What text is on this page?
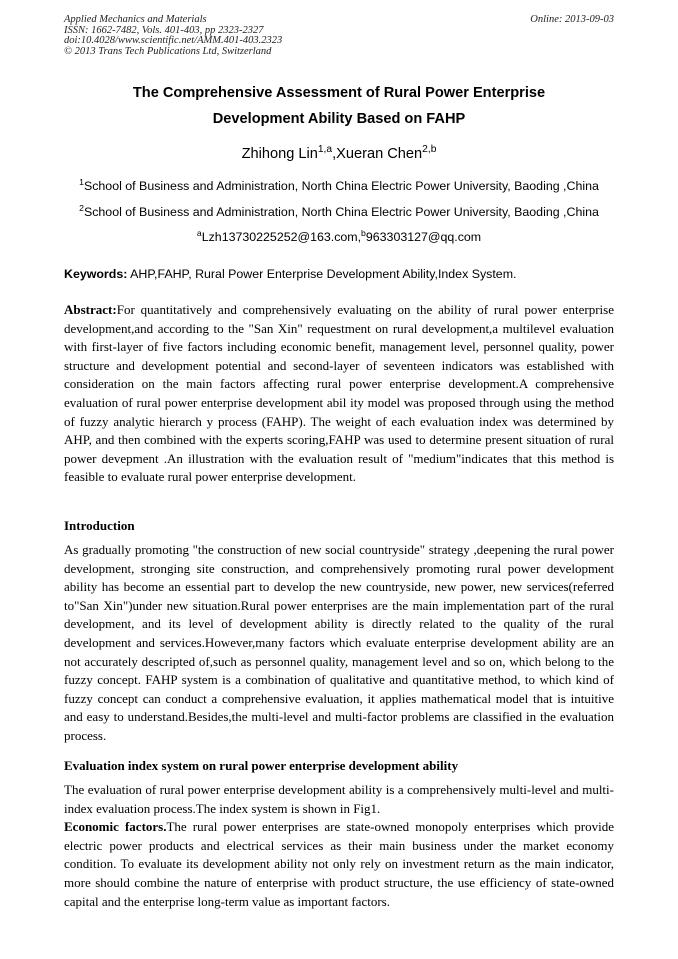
Applied Mechanics and Materials
ISSN: 1662-7482, Vols. 401-403, pp 2323-2327
doi:10.4028/www.scientific.net/AMM.401-403.2323
© 2013 Trans Tech Publications Ltd, Switzerland
Online: 2013-09-03
The Comprehensive Assessment of Rural Power Enterprise
Development Ability Based on FAHP
Zhihong Lin$^{1,a}$,Xueran Chen$^{2,b}$
$^1$School of Business and Administration, North China Electric Power University, Baoding ,China
$^2$School of Business and Administration, North China Electric Power University, Baoding ,China
$^a$Lzh13730225252@163.com,$^b$963303127@qq.com
Keywords: AHP,FAHP, Rural Power Enterprise Development Ability,Index System.
Abstract:For quantitatively and comprehensively evaluating on the ability of rural power enterprise development,and according to the "San Xin" requestment on rural development,a multilevel evaluation with first-layer of five factors including economic benefit, management level, personnel quality, power structure and development potential and second-layer of seventeen indicators was established with consideration on the main factors affecting rural power enterprise development.A comprehensive evaluation of rural power enterprise development abil ity model was proposed through using the method of fuzzy analytic hierarch y process (FAHP). The weight of each evaluation index was determined by AHP, and then combined with the experts scoring,FAHP was used to determine present situation of rural power devepment .An illustration with the evaluation result of "medium"indicates that this method is feasible to evaluate rural power enterprise development.
Introduction
As gradually promoting "the construction of new social countryside" strategy ,deepening the rural power development, stronging site construction, and comprehensively promoting rural power development ability has become an essential part to develop the new countryside, new power, new services(referred to"San Xin")under new situation.Rural power enterprises are the main implementation part of the rural development, and its level of development ability is directly related to the quality of the rural development and services.However,many factors which evaluate enterprise development ability are an not accurately descripted of,such as personnel quality, management level and so on, which belong to the fuzzy concept. FAHP system is a combination of qualitative and quantitative method, to which kind of fuzzy concept can conduct a comprehensive evaluation, it applies mathematical model that is intuitive and easy to understand.Besides,the multi-level and multi-factor problems are classified in the evaluation process.
Evaluation index system on rural power enterprise development ability
The evaluation of rural power enterprise development ability is a comprehensively multi-level and multi-index evaluation process.The index system is shown in Fig1.
Economic factors.The rural power enterprises are state-owned monopoly enterprises which provide electric power products and electrical services as their main business under the market economy condition. To evaluate its development ability not only rely on investment return as the main indicator, more should combine the nature of enterprise with product structure, the use efficiency of state-owned capital and the enterprise long-term value as important factors.
